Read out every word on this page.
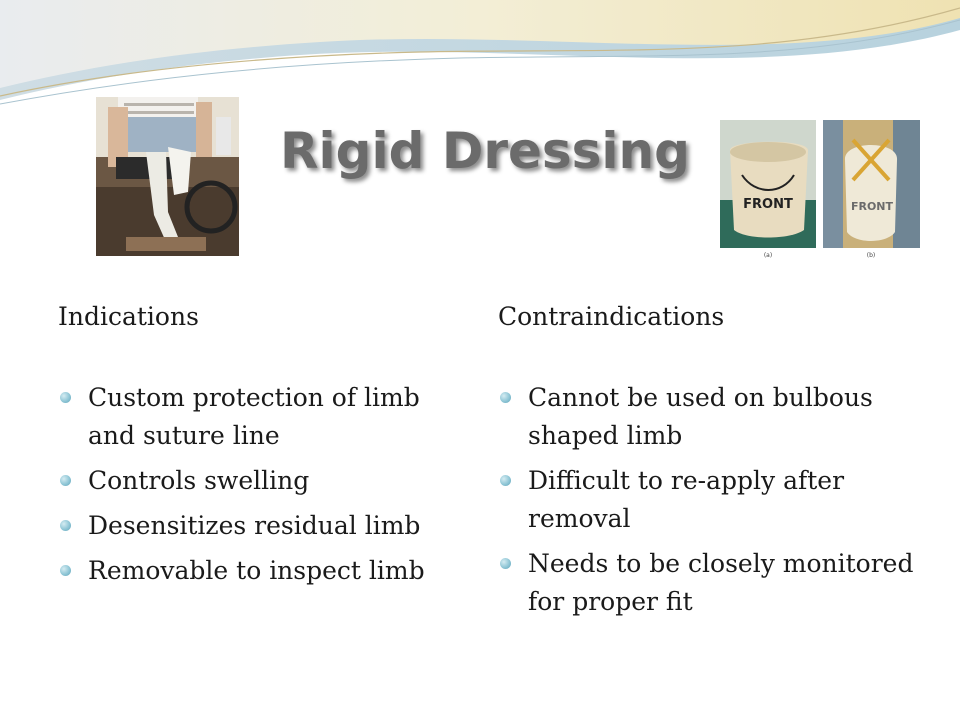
Rigid Dressing
FRONT
(a)
FRONT
(b)

Indications

Custom protection of limb and suture line
Controls swelling
Desensitizes residual limb
Removable to inspect limb

Contraindications

Cannot be used on bulbous shaped limb
Difficult to re-apply after removal
Needs to be closely monitored for proper fit
